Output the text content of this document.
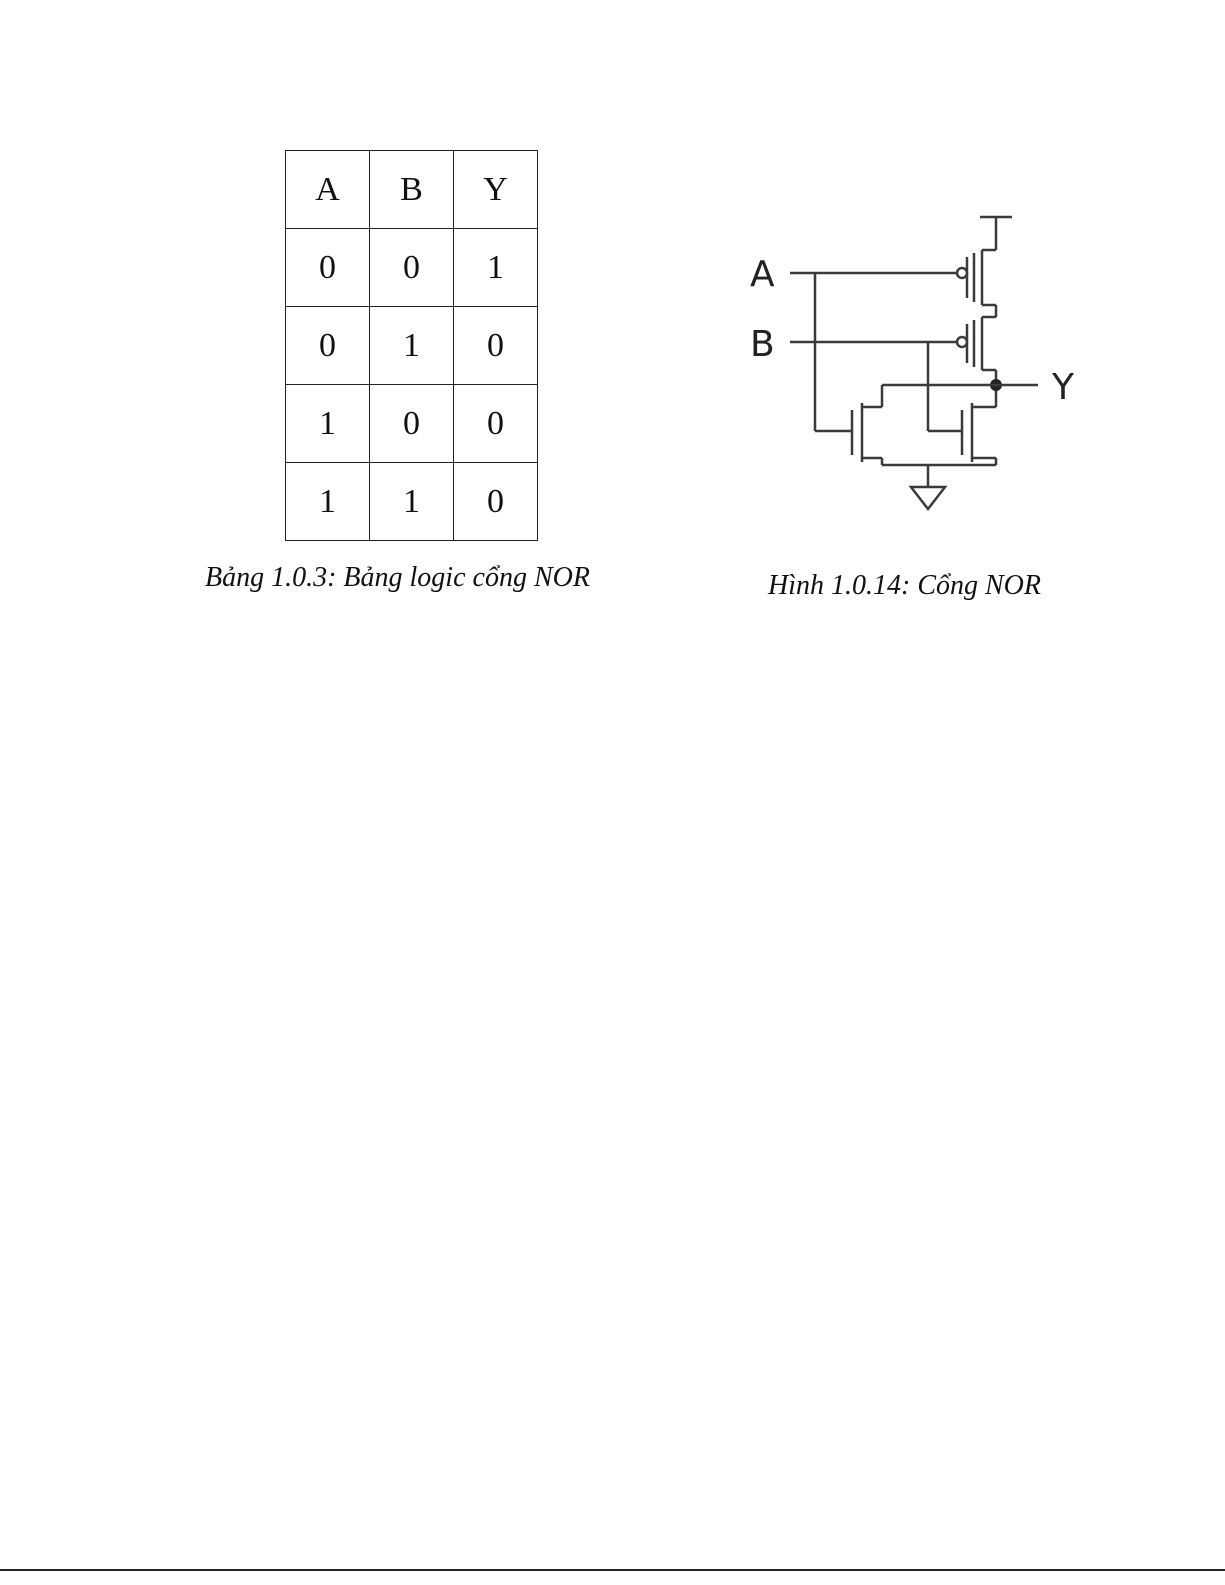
A	B	Y
0	0	1
0	1	0
1	0	0
1	1	0
Bảng 1.0.3: Bảng logic cổng NOR
A
B
Y
Hình 1.0.14: Cổng NOR
